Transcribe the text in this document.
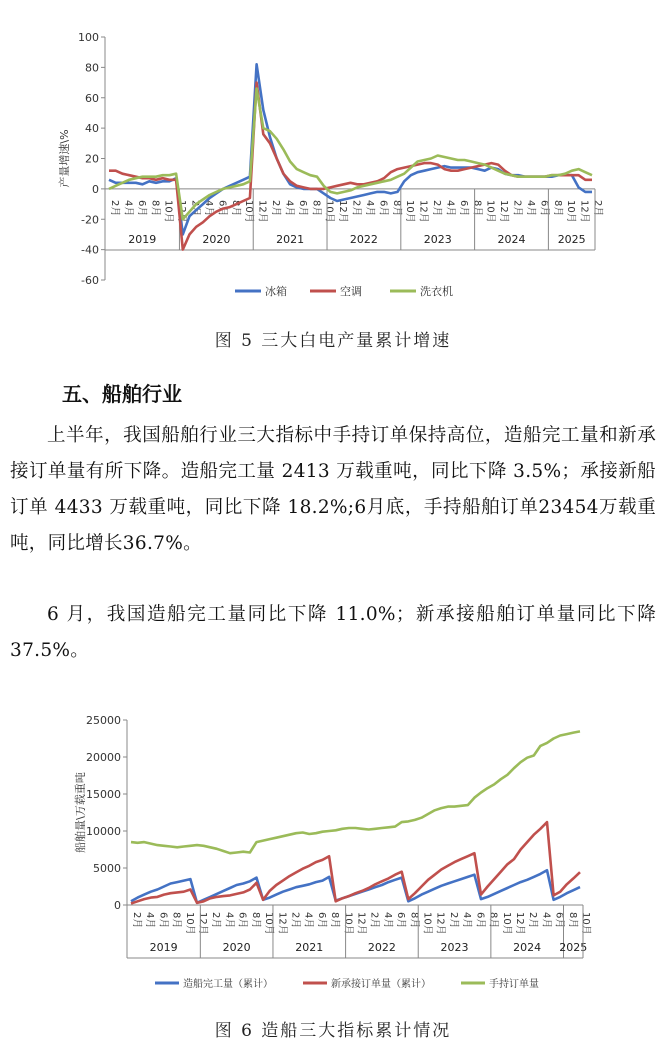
-60
-40
-20
0
20
40
60
80
100
产量增速\%
2月 4月 6月 8月 10月 12月 2月 4月 6月 8月 10月 12月 2月 4月 6月 8月 10月 12月 2月 4月 6月 8月 10月 12月 2月 4月 6月 8月 10月 12月 2月 4月 6月 8月 10月 12月 2月
2019	2020	2021	2022	2023	2024	2025
冰箱	空调	洗衣机
图 5 三大白电产量累计增速
五、船舶行业
上半年，我国船舶行业三大指标中手持订单保持高位，造船完工量和新承接订单量有所下降。造船完工量 2413 万载重吨，同比下降 3.5%；承接新船订单 4433 万载重吨，同比下降 18.2%;6月底，手持船舶订单23454万载重吨，同比增长36.7%。
6 月，我国造船完工量同比下降 11.0%；新承接船舶订单量同比下降 37.5%。
0
5000
10000
15000
20000
25000
船舶量\万载重吨
2月 4月 6月 8月 10月 12月 2月 4月 6月 8月 10月 12月 2月 4月 6月 8月 10月 12月 2月 4月 6月 8月 10月 12月 2月 4月 6月 8月 10月 12月 2月 4月 6月 8月 10月
2019	2020	2021	2022	2023	2024 2025
造船完工量（累计）	新承接订单量（累计）	手持订单量
图 6 造船三大指标累计情况
